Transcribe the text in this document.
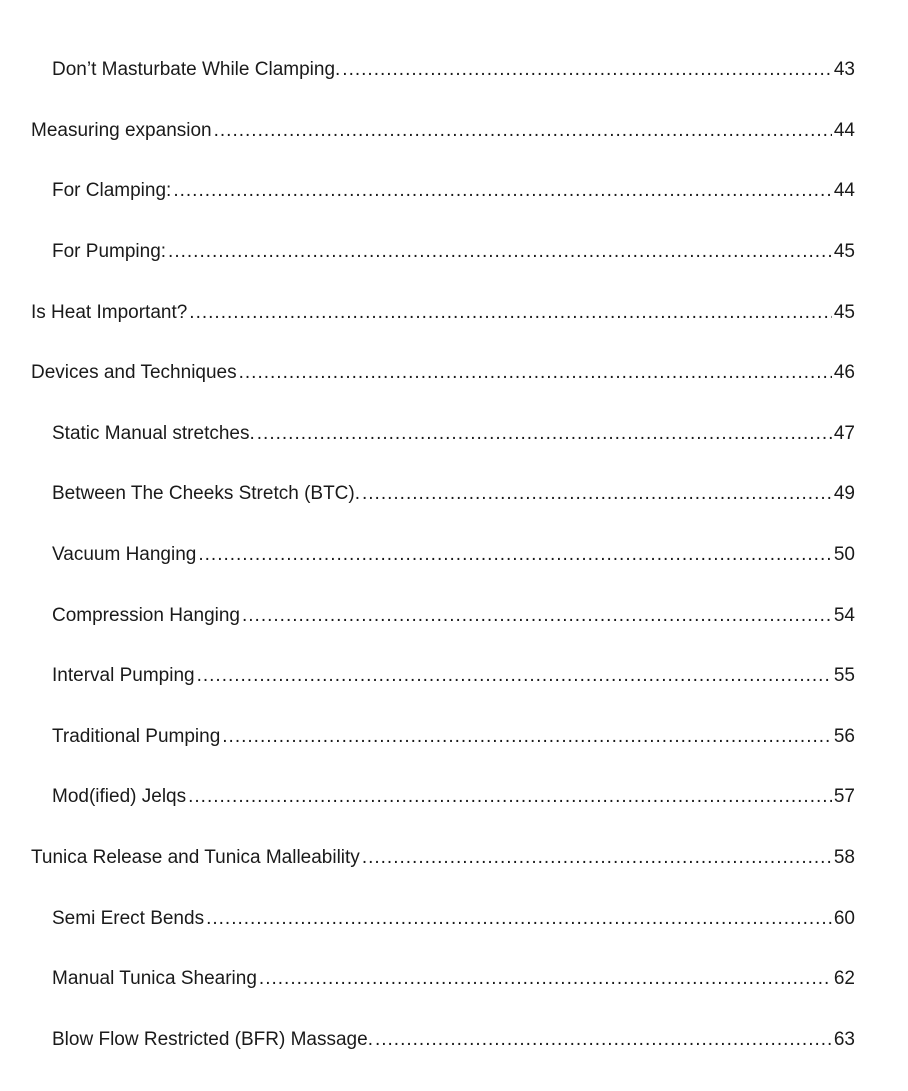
Don’t Masturbate While Clamping. .....	43
Measuring expansion .....	44
For Clamping: .....	44
For Pumping: .....	45
Is Heat Important? .....	45
Devices and Techniques .....	46
Static Manual stretches. .....	47
Between The Cheeks Stretch (BTC). .....	49
Vacuum Hanging .....	50
Compression Hanging .....	54
Interval Pumping .....	55
Traditional Pumping .....	56
Mod(ified) Jelqs .....	57
Tunica Release and Tunica Malleability .....	58
Semi Erect Bends .....	60
Manual Tunica Shearing .....	62
Blow Flow Restricted (BFR) Massage. .....	63
